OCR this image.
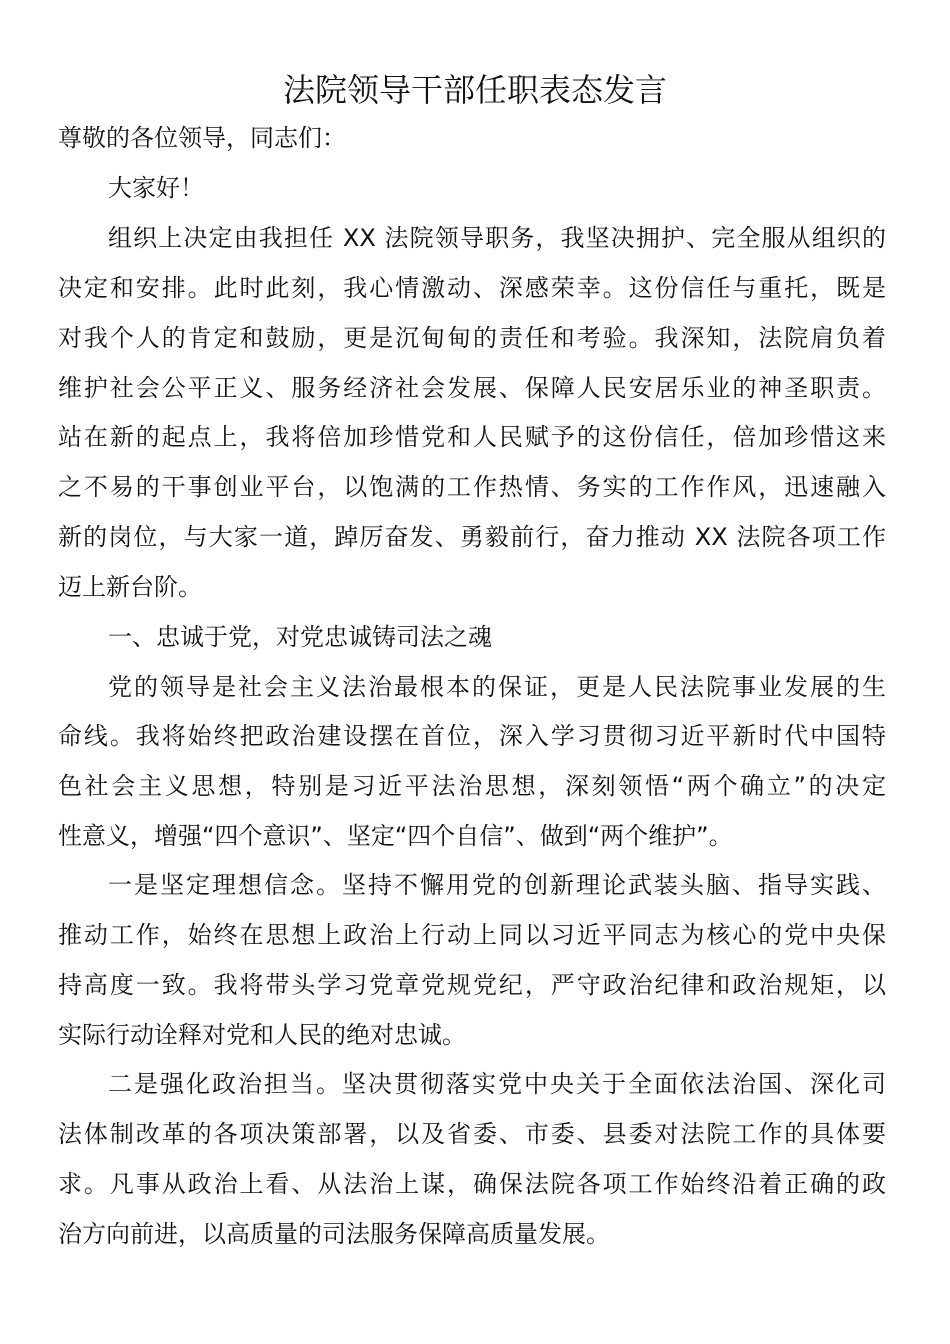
法院领导干部任职表态发言
尊敬的各位领导，同志们：
大家好！
组织上决定由我担任 XX 法院领导职务，我坚决拥护、完全服从组织的
决定和安排。此时此刻，我心情激动、深感荣幸。这份信任与重托，既是
对我个人的肯定和鼓励，更是沉甸甸的责任和考验。我深知，法院肩负着
维护社会公平正义、服务经济社会发展、保障人民安居乐业的神圣职责。
站在新的起点上，我将倍加珍惜党和人民赋予的这份信任，倍加珍惜这来
之不易的干事创业平台，以饱满的工作热情、务实的工作作风，迅速融入
新的岗位，与大家一道，踔厉奋发、勇毅前行，奋力推动 XX 法院各项工作
迈上新台阶。
一、忠诚于党，对党忠诚铸司法之魂
党的领导是社会主义法治最根本的保证，更是人民法院事业发展的生
命线。我将始终把政治建设摆在首位，深入学习贯彻习近平新时代中国特
色社会主义思想，特别是习近平法治思想，深刻领悟“两个确立”的决定
性意义，增强“四个意识”、坚定“四个自信”、做到“两个维护”。
一是坚定理想信念。坚持不懈用党的创新理论武装头脑、指导实践、
推动工作，始终在思想上政治上行动上同以习近平同志为核心的党中央保
持高度一致。我将带头学习党章党规党纪，严守政治纪律和政治规矩，以
实际行动诠释对党和人民的绝对忠诚。
二是强化政治担当。坚决贯彻落实党中央关于全面依法治国、深化司
法体制改革的各项决策部署，以及省委、市委、县委对法院工作的具体要
求。凡事从政治上看、从法治上谋，确保法院各项工作始终沿着正确的政
治方向前进，以高质量的司法服务保障高质量发展。
